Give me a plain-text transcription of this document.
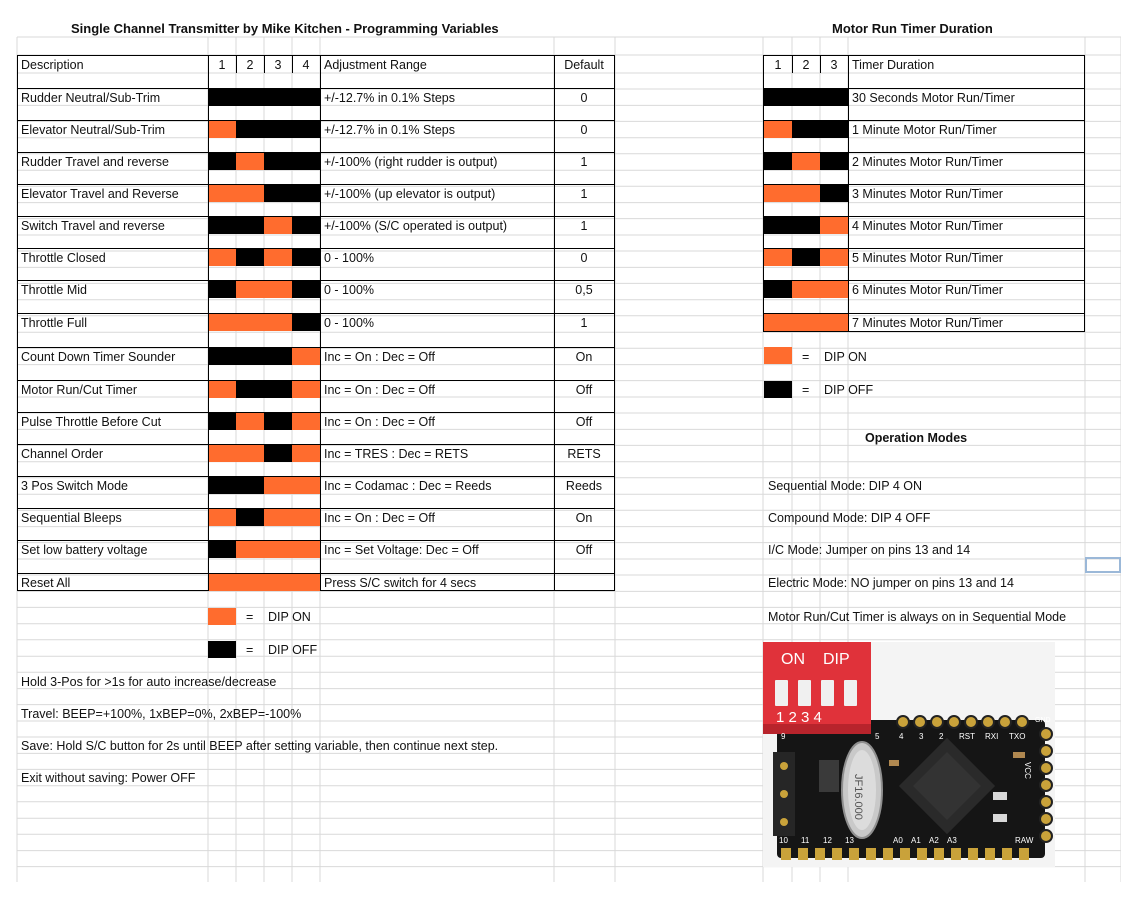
Single Channel Transmitter by Mike Kitchen - Programming Variables
Description	1	2	3	4	Adjustment Range	Default
Rudder Neutral/Sub-Trim	+/-12.7% in 0.1% Steps	0
Elevator Neutral/Sub-Trim	+/-12.7% in 0.1% Steps	0
Rudder Travel and reverse	+/-100% (right rudder is output)	1
Elevator Travel and Reverse	+/-100% (up elevator is output)	1
Switch Travel and reverse	+/-100% (S/C operated is output)	1
Throttle Closed	0 - 100%	0
Throttle Mid	0 - 100%	0,5
Throttle Full	0 - 100%	1
Count Down Timer Sounder	Inc = On : Dec = Off	On
Motor Run/Cut Timer	Inc = On : Dec = Off	Off
Pulse Throttle Before Cut	Inc = On : Dec = Off	Off
Channel Order	Inc = TRES : Dec = RETS	RETS
3 Pos Switch Mode	Inc = Codamac : Dec = Reeds	Reeds
Sequential Bleeps	Inc = On : Dec = Off	On
Set low battery voltage	Inc = Set Voltage: Dec = Off	Off
Reset All	Press S/C switch for 4 secs
= DIP ON
= DIP OFF
Hold 3-Pos for >1s for auto increase/decrease
Travel: BEEP=+100%, 1xBEP=0%, 2xBEP=-100%
Save: Hold S/C button for 2s until BEEP after setting variable, then continue next step.
Exit without saving: Power OFF
Motor Run Timer Duration
1	2	3	Timer Duration
30 Seconds Motor Run/Timer
1 Minute Motor Run/Timer
2 Minutes Motor Run/Timer
3 Minutes Motor Run/Timer
4 Minutes Motor Run/Timer
5 Minutes Motor Run/Timer
6 Minutes Motor Run/Timer
7 Minutes Motor Run/Timer
= DIP ON
= DIP OFF
Operation Modes
Sequential Mode: DIP 4 ON
Compound Mode: DIP 4 OFF
I/C Mode: Jumper on pins 13 and 14
Electric Mode: NO jumper on pins 13 and 14
Motor Run/Cut Timer is always on in Sequential Mode
ON DIP
1 2 3 4
JF16.000
GND
RST RXI TXO
VCC
A0 A1 A2 A3	RAW
10 11 12 13
9	5 4 3 2
